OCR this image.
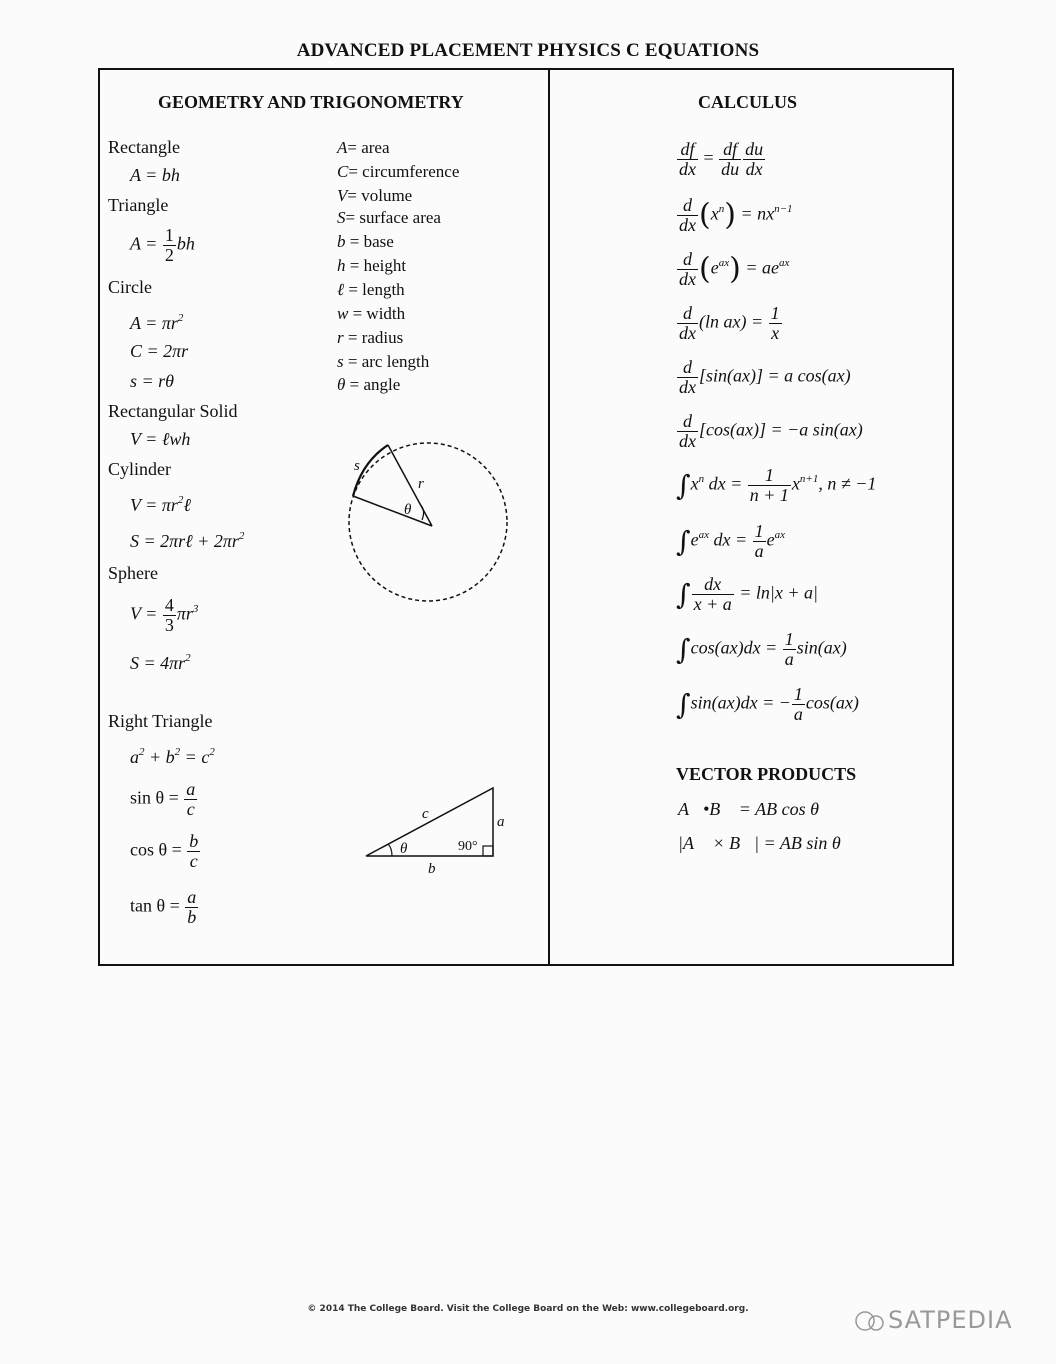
ADVANCED PLACEMENT PHYSICS C EQUATIONS
GEOMETRY AND TRIGONOMETRY
Rectangle
A = bh
Triangle
$A = \frac{1}{2}$ bh
Circle
$A = \pi r^2$
C = 2πr
s = rθ
Rectangular Solid
V = ℓwh
Cylinder
$V = \pi r^2\ell$
S = 2πrℓ + $2\pi r^2$
Sphere
$V = \frac{4}{3} \pi r^3$
$S = 4\pi r^2$
Right Triangle
$a^2 + b^2 = c^2$
$\sin \theta = \frac{a}{c}$
$\cos \theta = \frac{b}{c}$
$\tan \theta = \frac{a}{b}$
A= area
C= circumference
V= volume
S= surface area
b = base
h = height
ℓ = length
w = width
r = radius
s = arc length
θ = angle
s
r
θ
c	a
b
θ	90°
CALCULUS
$\frac{df}{dx} = \frac{df}{du} \frac{du}{dx}$
$\frac{d}{dx} (x^n) = nx^{n-1}$
$\frac{d}{dx} (e^{ax}) = ae^{ax}$
$\frac{d}{dx} (\ln$ $ax) = \frac{1}{x}$
$\frac{d}{dx} [\sin(ax)] = a$ cos(ax)
$\frac{d}{dx} [\cos(ax)] = -a$ sin(ax)
$\int x^n$ dx = $\frac{1}{n + 1} x^{n+1}$, n ≠ −1
$\int e^{ax}$ dx = $\frac{1}{a} e^{ax}$
∫ $\frac{dx}{x + a} = \ln|x + a|$
$\int\cos(ax)dx = \frac{1}{a} \sin(ax)$
∫sin(ax)dx = − $\frac{1}{a} \cos(ax)$
VECTOR PRODUCTS
A⃗•B⃗ = AB cos θ
|A⃗ × B⃗| = AB sin θ
© 2014 The College Board. Visit the College Board on the Web: www.collegeboard.org.	SATPEDIA
